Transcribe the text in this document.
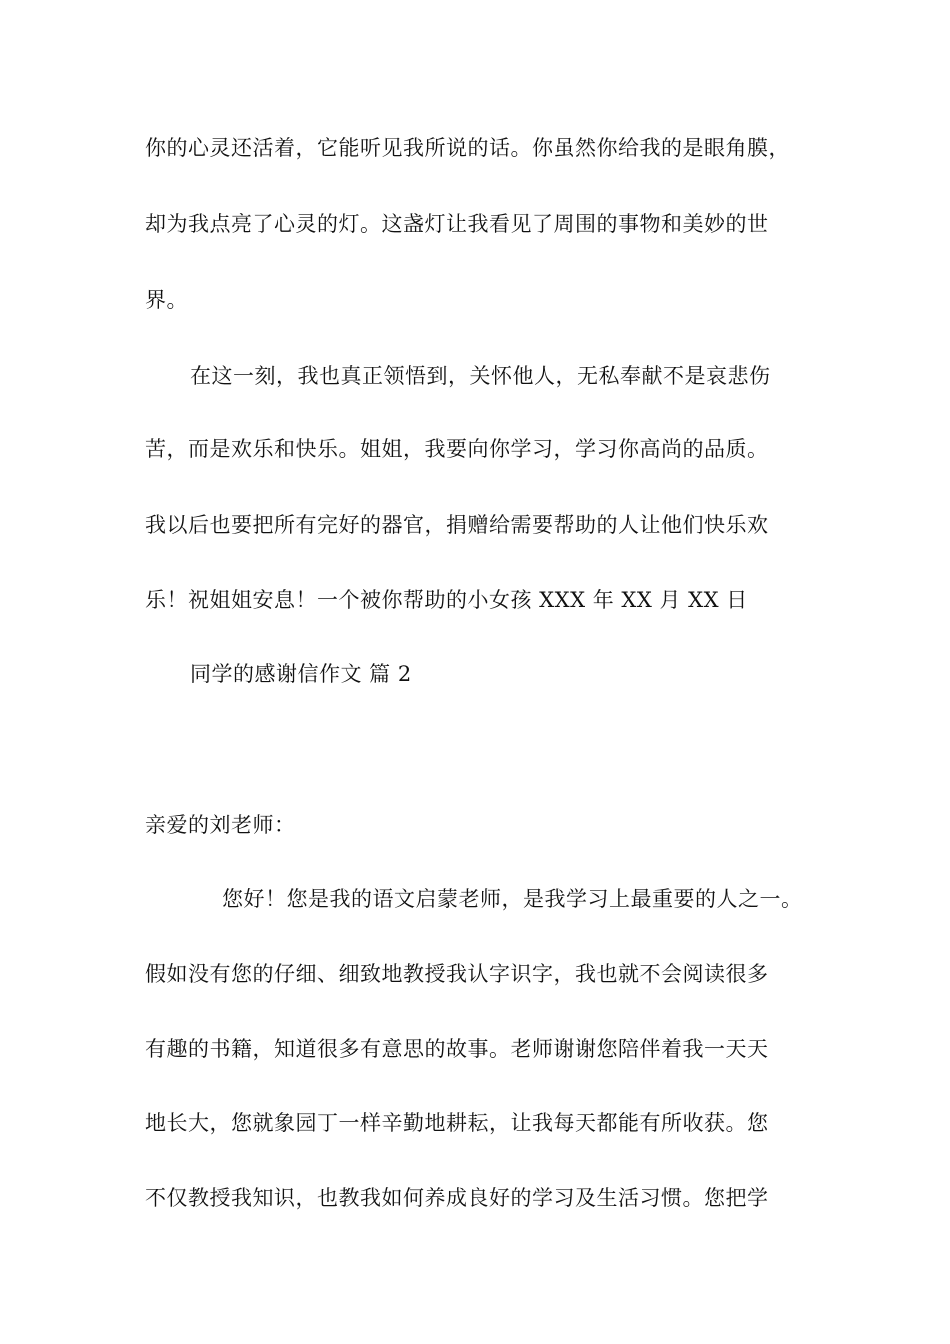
你的心灵还活着，它能听见我所说的话。你虽然你给我的是眼角膜，
却为我点亮了心灵的灯。这盏灯让我看见了周围的事物和美妙的世
界。
在这一刻，我也真正领悟到，关怀他人，无私奉献不是哀悲伤
苦，而是欢乐和快乐。姐姐，我要向你学习，学习你高尚的品质。
我以后也要把所有完好的器官，捐赠给需要帮助的人让他们快乐欢
乐！祝姐姐安息！一个被你帮助的小女孩 XXX 年 XX 月 XX 日
同学的感谢信作文 篇 2
亲爱的刘老师：
您好！您是我的语文启蒙老师，是我学习上最重要的人之一。
假如没有您的仔细、细致地教授我认字识字，我也就不会阅读很多
有趣的书籍，知道很多有意思的故事。老师谢谢您陪伴着我一天天
地长大，您就象园丁一样辛勤地耕耘，让我每天都能有所收获。您
不仅教授我知识，也教我如何养成良好的学习及生活习惯。您把学
